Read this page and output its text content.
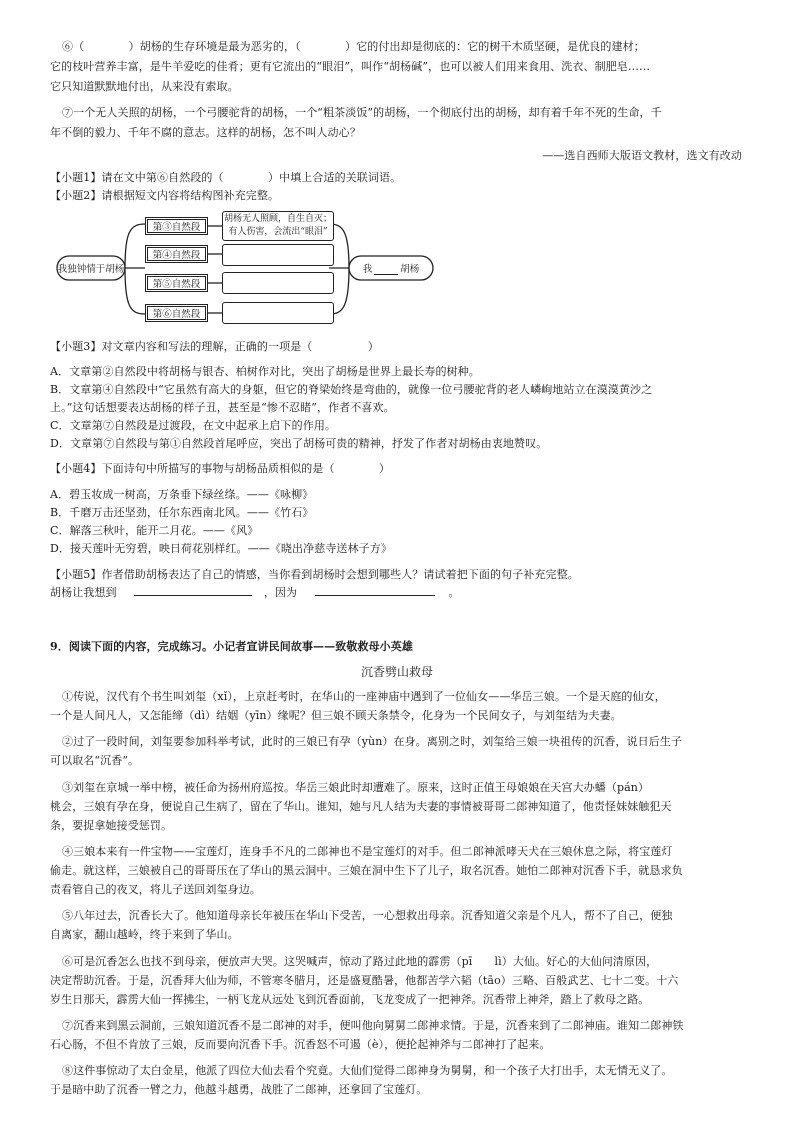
⑥（　　　　）胡杨的生存环境是最为恶劣的，（　　　　）它的付出却是彻底的：它的树干木质坚硬，是优良的建材；
它的枝叶营养丰富，是牛羊爱吃的佳肴；更有它流出的“眼泪”，叫作“胡杨碱”，也可以被人们用来食用、洗衣、制肥皂……
它只知道默默地付出，从来没有索取。
⑦一个无人关照的胡杨，一个弓腰驼背的胡杨，一个“粗茶淡饭”的胡杨，一个彻底付出的胡杨，却有着千年不死的生命，千
年不倒的毅力、千年不腐的意志。这样的胡杨，怎不叫人动心？
——选自西师大版语文教材，选文有改动
【小题1】请在文中第⑥自然段的（　　　　）中填上合适的关联词语。
【小题2】请根据短文内容将结构图补充完整。
我独钟情于胡杨	我	胡杨
第③自然段
第④自然段
第⑤自然段
第⑥自然段
胡杨无人照顾，自生自灭；
有人伤害，会流出“眼泪”
【小题3】对文章内容和写法的理解，正确的一项是（　　　　　）
A．文章第②自然段中将胡杨与银杏、柏树作对比，突出了胡杨是世界上最长寿的树种。
B．文章第④自然段中“它虽然有高大的身躯，但它的脊梁始终是弯曲的，就像一位弓腰驼背的老人嶙峋地站立在漠漠黄沙之
上。”这句话想要表达胡杨的样子丑，甚至是“惨不忍睹”，作者不喜欢。
C．文章第⑦自然段是过渡段，在文中起承上启下的作用。
D．文章第⑦自然段与第①自然段首尾呼应，突出了胡杨可贵的精神，抒发了作者对胡杨由衷地赞叹。
【小题4】下面诗句中所描写的事物与胡杨品质相似的是（　　　　）
A．碧玉妆成一树高，万条垂下绿丝绦。——《咏柳》
B．千磨万击还坚劲，任尔东西南北风。——《竹石》
C．解落三秋叶，能开二月花。——《风》
D．接天莲叶无穷碧，映日荷花别样红。——《晓出净慈寺送林子方》
【小题5】作者借助胡杨表达了自己的情感，当你看到胡杨时会想到哪些人？请试着把下面的句子补充完整。
胡杨让我想到	，因为	。
9．阅读下面的内容，完成练习。小记者宣讲民间故事——致敬救母小英雄
沉香劈山救母
①传说，汉代有个书生叫刘玺（xǐ），上京赶考时，在华山的一座神庙中遇到了一位仙女——华岳三娘。一个是天庭的仙女，
一个是人间凡人，又怎能缔（dì）结姻（yīn）缘呢？但三娘不顾天条禁令，化身为一个民间女子，与刘玺结为夫妻。
②过了一段时间，刘玺要参加科举考试，此时的三娘已有孕（yùn）在身。离别之时，刘玺给三娘一块祖传的沉香，说日后生子
可以取名“沉香”。
③刘玺在京城一举中榜，被任命为扬州府巡按。华岳三娘此时却遭难了。原来，这时正值王母娘娘在天宫大办蟠（pán）
桃会，三娘有孕在身，便说自己生病了，留在了华山。谁知，她与凡人结为夫妻的事情被哥哥二郎神知道了，他责怪妹妹触犯天
条，要捉拿她接受惩罚。
④三娘本来有一件宝物——宝莲灯，连身手不凡的二郎神也不是宝莲灯的对手。但二郎神派哮天犬在三娘休息之际，将宝莲灯
偷走。就这样，三娘被自己的哥哥压在了华山的黑云洞中。三娘在洞中生下了儿子，取名沉香。她怕二郎神对沉香下手，就恳求负
责看管自己的夜叉，将儿子送回刘玺身边。
⑤八年过去，沉香长大了。他知道母亲长年被压在华山下受苦，一心想救出母亲。沉香知道父亲是个凡人，帮不了自己，便独
自离家，翻山越岭，终于来到了华山。
⑥可是沉香怎么也找不到母亲，便放声大哭。这哭喊声，惊动了路过此地的霹雳（pī　　lì）大仙。好心的大仙问清原因，
决定帮助沉香。于是，沉香拜大仙为师，不管寒冬腊月，还是盛夏酷暑，他都苦学六韬（tāo）三略、百般武艺、七十二变。十六
岁生日那天，霹雳大仙一挥拂尘，一柄飞龙从远处飞到沉香面前，飞龙变成了一把神斧。沉香带上神斧，踏上了救母之路。
⑦沉香来到黑云洞前，三娘知道沉香不是二郎神的对手，便叫他向舅舅二郎神求情。于是，沉香来到了二郎神庙。谁知二郎神铁
石心肠，不但不肯放了三娘，反而要向沉香下手。沉香怒不可遏（è），便抡起神斧与二郎神打了起来。
⑧这件事惊动了太白金星，他派了四位大仙去看个究竟。大仙们觉得二郎神身为舅舅，和一个孩子大打出手，太无情无义了。
于是暗中助了沉香一臂之力，他越斗越勇，战胜了二郎神，还拿回了宝莲灯。
